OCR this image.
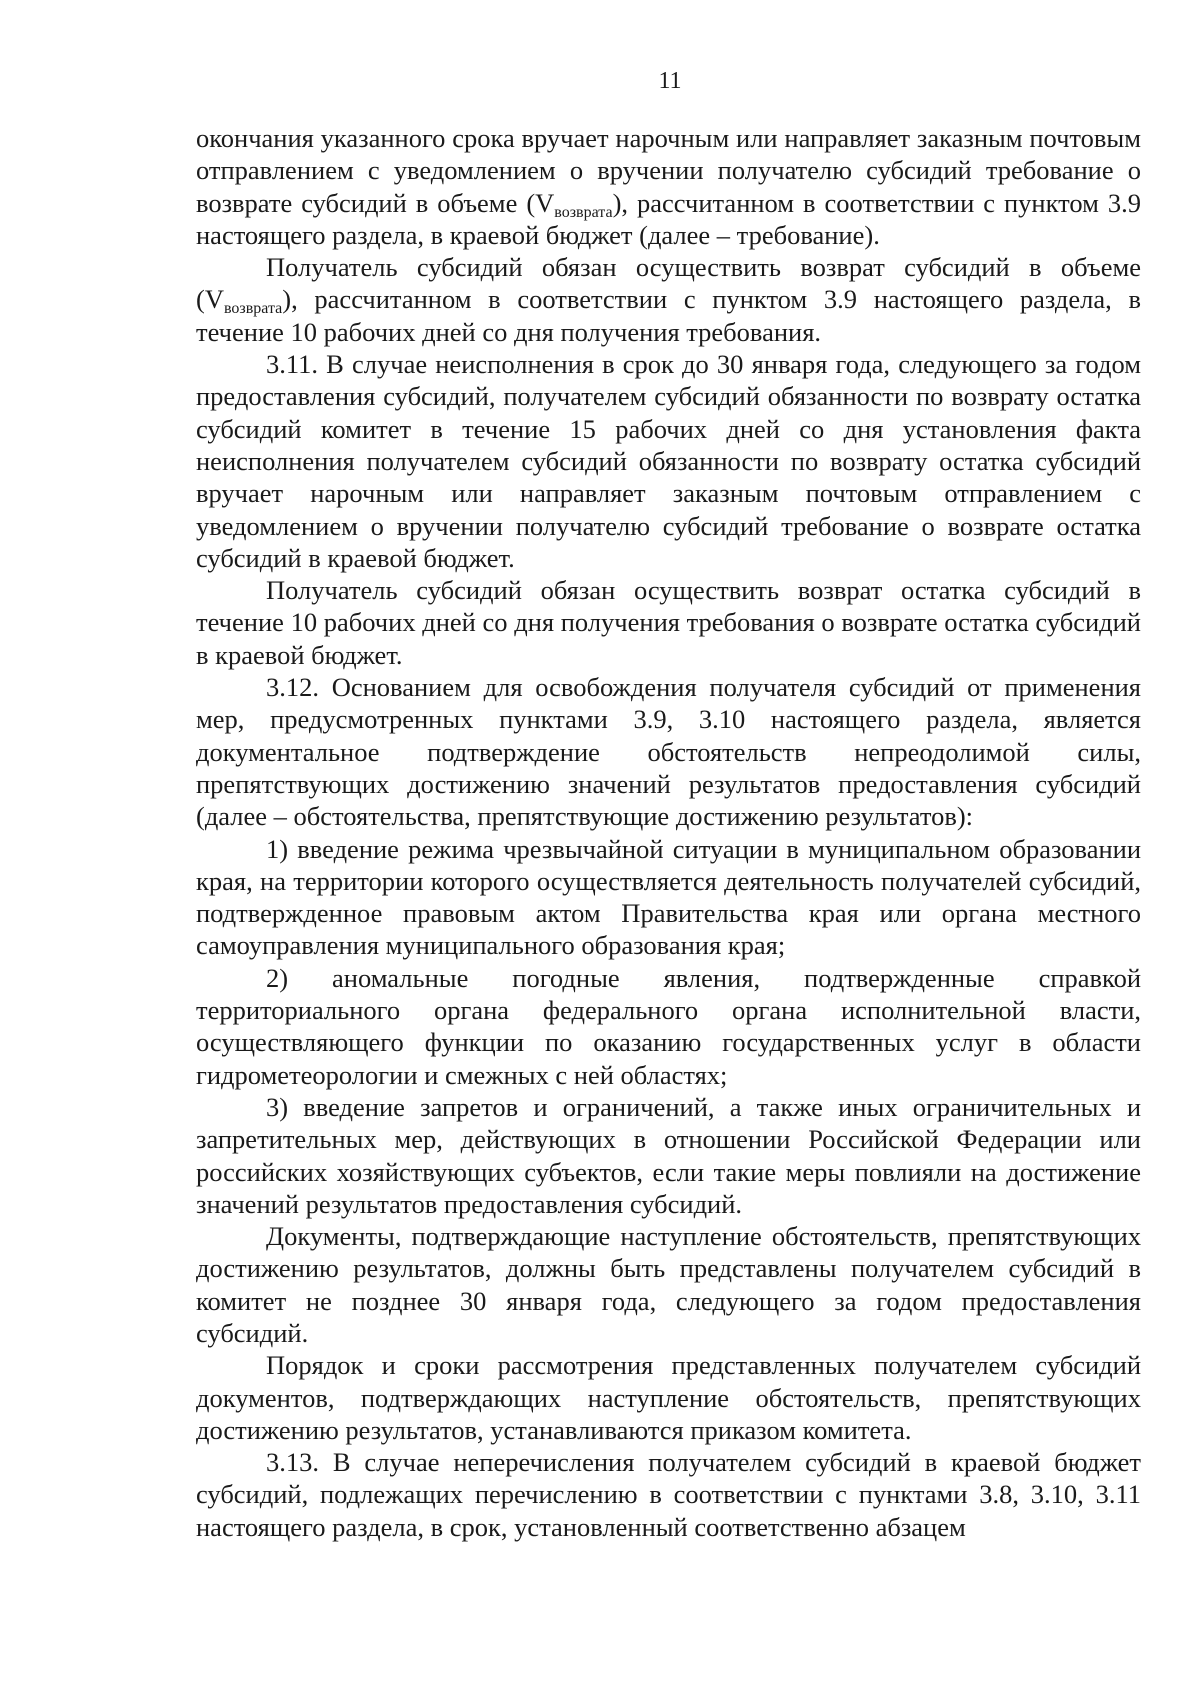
11

окончания указанного срока вручает нарочным или направляет заказным почтовым отправлением с уведомлением о вручении получателю субсидий требование о возврате субсидий в объеме $(V_{возврата})$, рассчитанном в соответствии с пунктом 3.9 настоящего раздела, в краевой бюджет (далее – требование).

Получатель субсидий обязан осуществить возврат субсидий в объеме $(V_{возврата})$, рассчитанном в соответствии с пунктом 3.9 настоящего раздела, в течение 10 рабочих дней со дня получения требования.

3.11. В случае неисполнения в срок до 30 января года, следующего за годом предоставления субсидий, получателем субсидий обязанности по возврату остатка субсидий комитет в течение 15 рабочих дней со дня установления факта неисполнения получателем субсидий обязанности по возврату остатка субсидий вручает нарочным или направляет заказным почтовым отправлением с уведомлением о вручении получателю субсидий требование о возврате остатка субсидий в краевой бюджет.

Получатель субсидий обязан осуществить возврат остатка субсидий в течение 10 рабочих дней со дня получения требования о возврате остатка субсидий в краевой бюджет.

3.12. Основанием для освобождения получателя субсидий от применения мер, предусмотренных пунктами 3.9, 3.10 настоящего раздела, является документальное подтверждение обстоятельств непреодолимой силы, препятствующих достижению значений результатов предоставления субсидий (далее – обстоятельства, препятствующие достижению результатов):

1) введение режима чрезвычайной ситуации в муниципальном образовании края, на территории которого осуществляется деятельность получателей субсидий, подтвержденное правовым актом Правительства края или органа местного самоуправления муниципального образования края;

2) аномальные погодные явления, подтвержденные справкой территориального органа федерального органа исполнительной власти, осуществляющего функции по оказанию государственных услуг в области гидрометеорологии и смежных с ней областях;

3) введение запретов и ограничений, а также иных ограничительных и запретительных мер, действующих в отношении Российской Федерации или российских хозяйствующих субъектов, если такие меры повлияли на достижение значений результатов предоставления субсидий.

Документы, подтверждающие наступление обстоятельств, препятствующих достижению результатов, должны быть представлены получателем субсидий в комитет не позднее 30 января года, следующего за годом предоставления субсидий.

Порядок и сроки рассмотрения представленных получателем субсидий документов, подтверждающих наступление обстоятельств, препятствующих достижению результатов, устанавливаются приказом комитета.

3.13. В случае неперечисления получателем субсидий в краевой бюджет субсидий, подлежащих перечислению в соответствии с пунктами 3.8, 3.10, 3.11 настоящего раздела, в срок, установленный соответственно абзацем
